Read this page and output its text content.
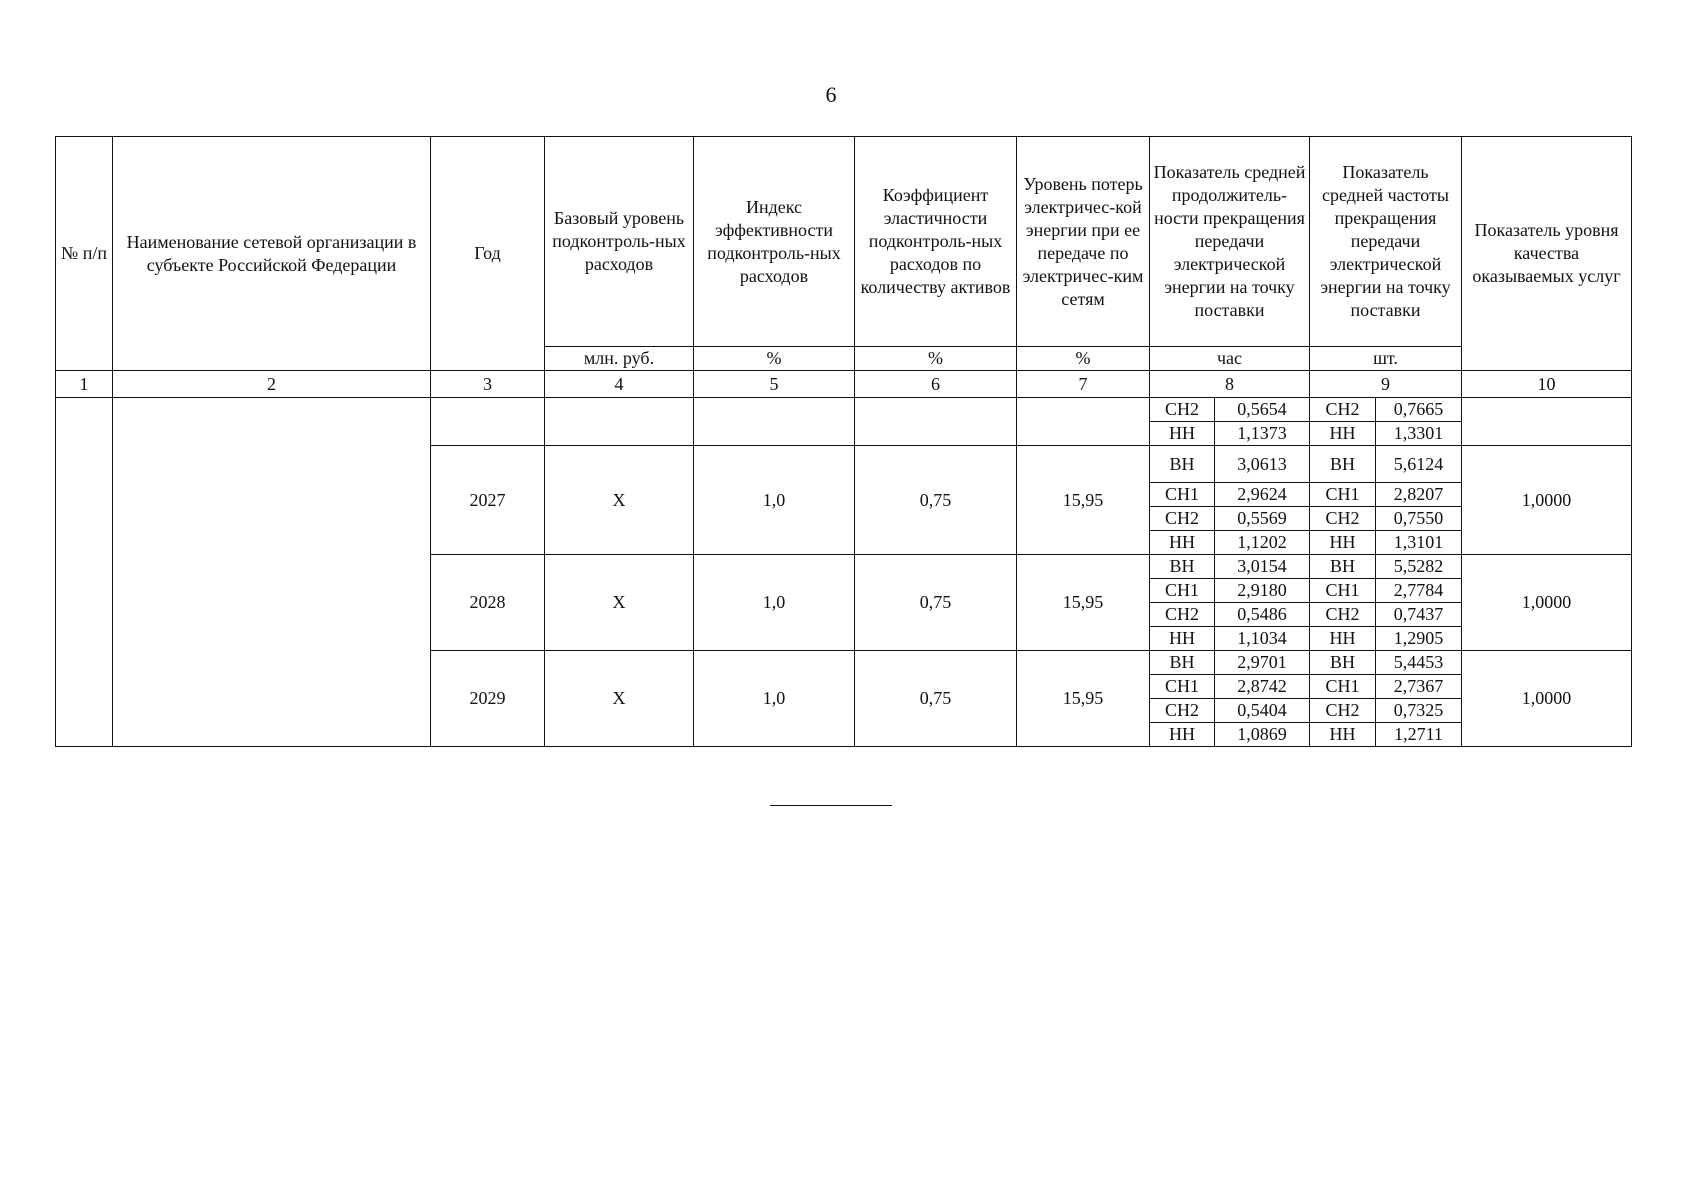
6
№ п/п	Наименование сетевой организации в субъекте Российской Федерации	Год	Базовый уровень подконтроль-ных расходов	Индекс эффективности подконтроль-ных расходов	Коэффициент эластичности подконтроль-ных расходов по количеству активов	Уровень потерь электричес-кой энергии при ее передаче по электричес-ким сетям	Показатель средней продолжитель-ности прекращения передачи электрической энергии на точку поставки		Показатель средней частоты прекращения передачи электрической энергии на точку поставки		Показатель уровня качества оказываемых услуг
			млн. руб.	%	%	%	час		шт.		
1	2	3	4	5	6	7	8		9		10
							СН2	0,5654	СН2	0,7665	
							НН	1,1373	НН	1,3301	
		2027	Х	1,0	0,75	15,95	ВН	3,0613	ВН	5,6124	1,0000
							СН1	2,9624	СН1	2,8207	
							СН2	0,5569	СН2	0,7550	
							НН	1,1202	НН	1,3101	
		2028	Х	1,0	0,75	15,95	ВН	3,0154	ВН	5,5282	1,0000
							СН1	2,9180	СН1	2,7784	
							СН2	0,5486	СН2	0,7437	
							НН	1,1034	НН	1,2905	
		2029	Х	1,0	0,75	15,95	ВН	2,9701	ВН	5,4453	1,0000
							СН1	2,8742	СН1	2,7367	
							СН2	0,5404	СН2	0,7325	
							НН	1,0869	НН	1,2711	
